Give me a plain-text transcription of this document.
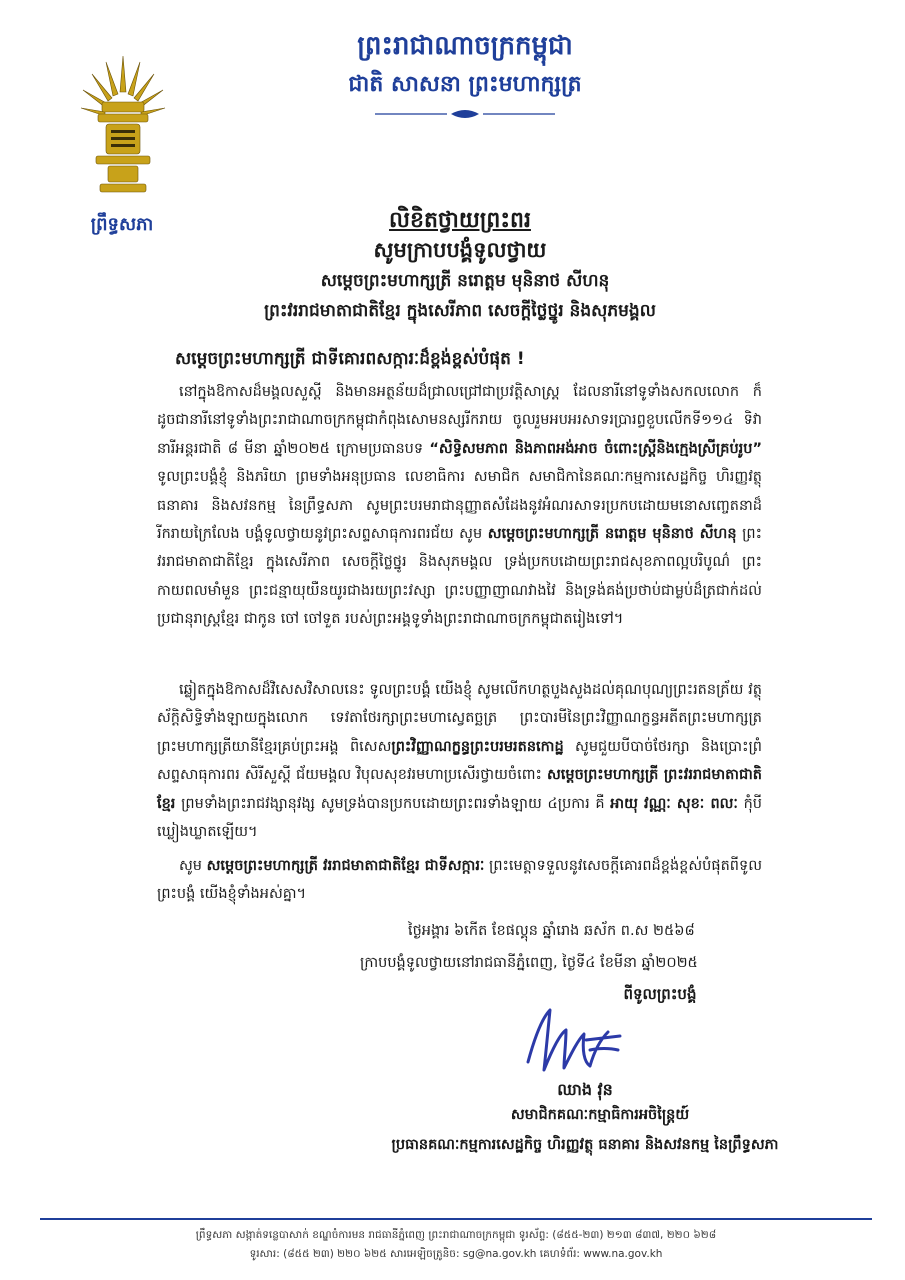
ព្រឹទ្ធសភា
ព្រះរាជាណាចក្រកម្ពុជា
ជាតិ សាសនា ព្រះមហាក្សត្រ
លិខិតថ្វាយព្រះពរ
សូមក្រាបបង្គំទូលថ្វាយ
សម្ដេចព្រះមហាក្សត្រី នរោត្តម មុនិនាថ សីហនុ
ព្រះវររាជមាតាជាតិខ្មែរ ក្នុងសេរីភាព សេចក្ដីថ្លៃថ្នូរ និងសុភមង្គល
សម្ដេចព្រះមហាក្សត្រី ជាទីគោរពសក្ការៈដ៏ខ្ពង់ខ្ពស់បំផុត !

នៅក្នុងឱកាសដ៏មង្គលសួស្ដី និងមានអត្ថន័យដ៏ជ្រាលជ្រៅជាប្រវត្តិសាស្ត្រ ដែលនារីនៅទូទាំងសកលលោក ក៏ដូចជានារីនៅទូទាំងព្រះរាជាណាចក្រកម្ពុជាកំពុងសោមនស្សរីករាយ ចូលរួមអបអរសាទរប្រារព្ធខួបលើកទី១១៤ ទិវានារីអន្តរជាតិ ៨ មីនា ឆ្នាំ២០២៥ ក្រោមប្រធានបទ “សិទ្ធិសមភាព និងភាពអង់អាច ចំពោះស្ត្រីនិងក្មេងស្រីគ្រប់រូប” ទូលព្រះបង្គំខ្ញុំ និងភរិយា ព្រមទាំងអនុប្រធាន លេខាធិការ សមាជិក សមាជិកានៃគណៈកម្មការសេដ្ឋកិច្ច ហិរញ្ញវត្ថុ ធនាគារ និងសវនកម្ម នៃព្រឹទ្ធសភា សូមព្រះបរមរាជានុញ្ញាតសំដែងនូវអំណរសាទរប្រកបដោយមនោសញ្ចេតនាដ៏រីករាយក្រៃលែង បង្គំទូលថ្វាយនូវព្រះសព្ទសាធុការពរជ័យ សូម សម្ដេចព្រះមហាក្សត្រី នរោត្តម មុនិនាថ សីហនុ ព្រះវររាជមាតាជាតិខ្មែរ ក្នុងសេរីភាព សេចក្ដីថ្លៃថ្នូរ និងសុភមង្គល ទ្រង់ប្រកបដោយព្រះរាជសុខភាពល្អបរិបូណ៌ ព្រះកាយពលមាំមួន ព្រះជន្មាយុយឺនយូរជាងរយព្រះវស្សា ព្រះបញ្ញាញាណវាងវៃ និងទ្រង់គង់ប្រថាប់ជាម្លប់ដ៏ត្រជាក់ដល់ប្រជានុរាស្ត្រខ្មែរ ជាកូន ចៅ ចៅទួត របស់ព្រះអង្គទូទាំងព្រះរាជាណាចក្រកម្ពុជាតរៀងទៅ។

ឆ្លៀតក្នុងឱកាសដ៏វិសេសវិសាលនេះ ទូលព្រះបង្គំ យើងខ្ញុំ សូមលើកហត្ថបួងសួងដល់គុណបុណ្យព្រះរតនត្រ័យ វត្ថុស័ក្ដិសិទ្ធិទាំងឡាយក្នុងលោក ទេវតាថែរក្សាព្រះមហាស្វេតច្ឆត្រ ព្រះបារមីនៃព្រះវិញ្ញាណក្ខន្ធអតីតព្រះមហាក្សត្រ ព្រះមហាក្សត្រីយានីខ្មែរគ្រប់ព្រះអង្គ ពិសេសព្រះវិញ្ញាណក្ខន្ធព្រះបរមរតនកោដ្ឋ សូមជួយបីបាច់ថែរក្សា និងប្រោះព្រំសព្ទសាធុការពរ សិរីសួស្ដី ជ័យមង្គល វិបុលសុខវរមហាប្រសើរថ្វាយចំពោះ សម្ដេចព្រះមហាក្សត្រី ព្រះវររាជមាតាជាតិខ្មែរ ព្រមទាំងព្រះរាជវង្សានុវង្ស សូមទ្រង់បានប្រកបដោយព្រះពរទាំងឡាយ ៤ប្រការ គឺ អាយុ វណ្ណៈ សុខៈ ពលៈ កុំបីឃ្លៀងឃ្លាតឡើយ។

សូម សម្ដេចព្រះមហាក្សត្រី វររាជមាតាជាតិខ្មែរ ជាទីសក្ការៈ ព្រះមេត្តាទទួលនូវសេចក្ដីគោរពដ៏ខ្ពង់ខ្ពស់បំផុតពីទូលព្រះបង្គំ យើងខ្ញុំទាំងអស់គ្នា។

ថ្ងៃអង្គារ ៦កើត ខែផល្គុន ឆ្នាំរោង ឆស័ក ព.ស ២៥៦៨
ក្រាបបង្គំទូលថ្វាយនៅរាជធានីភ្នំពេញ, ថ្ងៃទី៤ ខែមីនា ឆ្នាំ២០២៥
ពីទូលព្រះបង្គំ
ឈាង វុន
សមាជិកគណៈកម្មាធិការអចិន្ត្រៃយ៍
ប្រធានគណៈកម្មការសេដ្ឋកិច្ច ហិរញ្ញវត្ថុ ធនាគារ និងសវនកម្ម នៃព្រឹទ្ធសភា
ព្រឹទ្ធសភា សង្កាត់ទន្លេបាសាក់ ខណ្ឌចំការមន រាជធានីភ្នំពេញ ព្រះរាជាណាចក្រកម្ពុជា ទូរស័ព្ទ: (៨៥៥-២៣) ២១៣ ៨៣៧, ២២០ ៦២៨
ទូរសារ: (៨៥៥ ២៣) ២២០ ៦២៥ សារអេឡិចត្រូនិច: sg@na.gov.kh គេហទំព័រ: www.na.gov.kh
